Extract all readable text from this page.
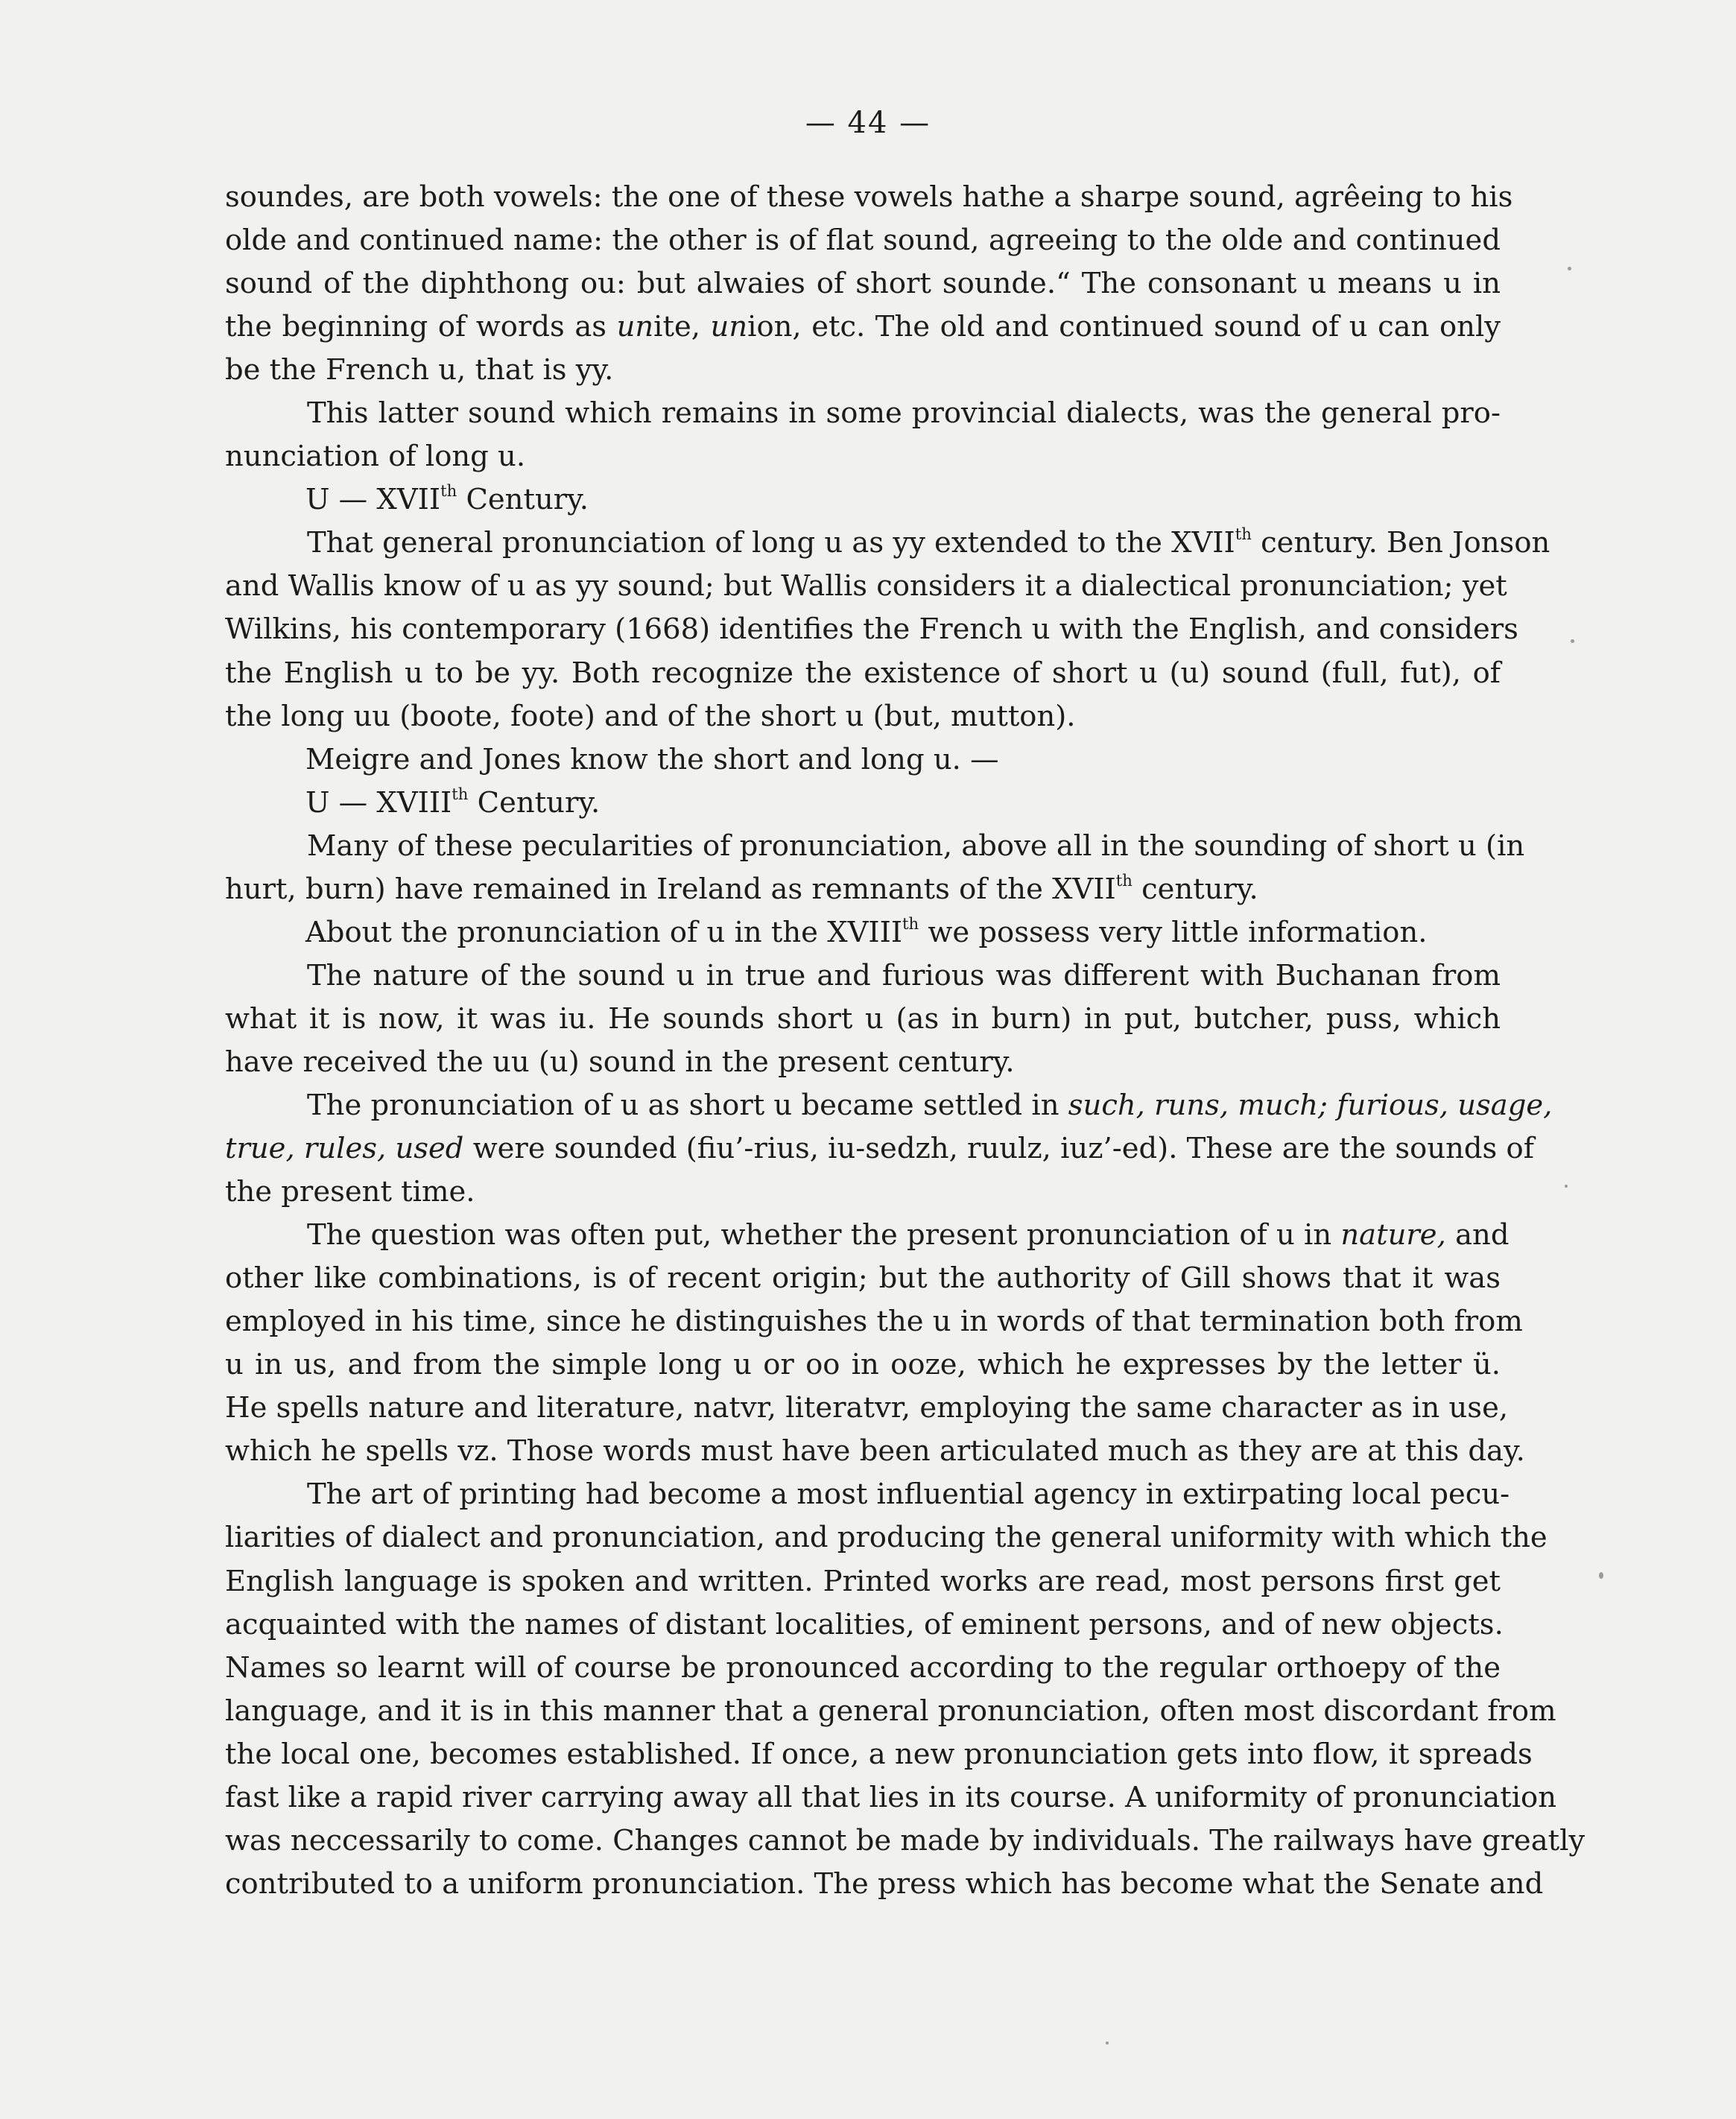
— 44 —
soundes, are both vowels: the one of these vowels hathe a sharpe sound, agrêeing to his
olde and continued name: the other is of flat sound, agreeing to the olde and continued
sound of the diphthong ou: but alwaies of short sounde.“ The consonant u means u in
the beginning of words as unite, union, etc. The old and continued sound of u can only
be the French u, that is yy.
This latter sound which remains in some provincial dialects, was the general pro-
nunciation of long u.
U — XVIIth Century.
That general pronunciation of long u as yy extended to the XVIIth century. Ben Jonson
and Wallis know of u as yy sound; but Wallis considers it a dialectical pronunciation; yet
Wilkins, his contemporary (1668) identifies the French u with the English, and considers
the English u to be yy. Both recognize the existence of short u (u) sound (full, fut), of
the long uu (boote, foote) and of the short u (but, mutton).
Meigre and Jones know the short and long u. —
U — XVIIIth Century.
Many of these pecularities of pronunciation, above all in the sounding of short u (in
hurt, burn) have remained in Ireland as remnants of the XVIIth century.
About the pronunciation of u in the XVIIIth we possess very little information.
The nature of the sound u in true and furious was different with Buchanan from
what it is now, it was iu. He sounds short u (as in burn) in put, butcher, puss, which
have received the uu (u) sound in the present century.
The pronunciation of u as short u became settled in such, runs, much; furious, usage,
true, rules, used were sounded (fiu’-rius, iu-sedzh, ruulz, iuz’-ed). These are the sounds of
the present time.
The question was often put, whether the present pronunciation of u in nature, and
other like combinations, is of recent origin; but the authority of Gill shows that it was
employed in his time, since he distinguishes the u in words of that termination both from
u in us, and from the simple long u or oo in ooze, which he expresses by the letter ü.
He spells nature and literature, natvr, literatvr, employing the same character as in use,
which he spells vz. Those words must have been articulated much as they are at this day.
The art of printing had become a most influential agency in extirpating local pecu-
liarities of dialect and pronunciation, and producing the general uniformity with which the
English language is spoken and written. Printed works are read, most persons first get
acquainted with the names of distant localities, of eminent persons, and of new objects.
Names so learnt will of course be pronounced according to the regular orthoepy of the
language, and it is in this manner that a general pronunciation, often most discordant from
the local one, becomes established. If once, a new pronunciation gets into flow, it spreads
fast like a rapid river carrying away all that lies in its course. A uniformity of pronunciation
was neccessarily to come. Changes cannot be made by individuals. The railways have greatly
contributed to a uniform pronunciation. The press which has become what the Senate and
